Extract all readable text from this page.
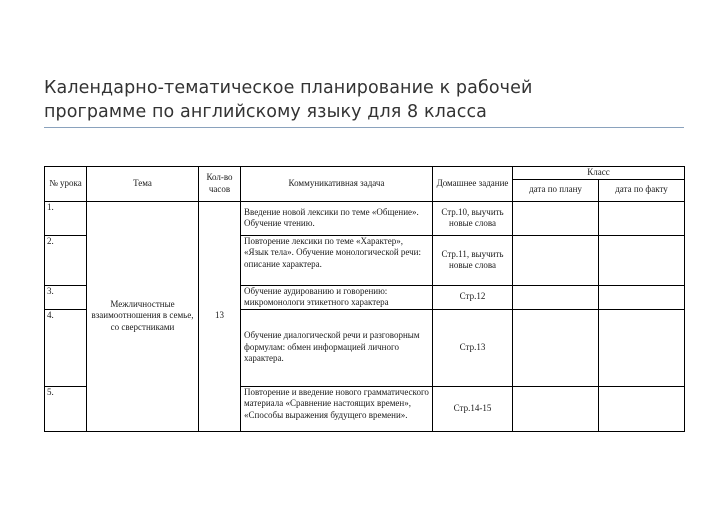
Календарно-тематическое планирование к рабочей
программе по английскому языку для 8 класса
№ урока	Тема	Кол-во часов	Коммуникативная задача	Домашнее задание	Класс	
					дата по плану	дата по факту
1.	Межличностные взаимоотношения в семье, со сверстниками	13	Введение новой лексики по теме «Общение». Обучение чтению.	Стр.10, выучить новые слова		
2.			Повторение лексики по теме «Характер», «Язык тела». Обучение монологической речи: описание характера.	Стр.11, выучить новые слова		
3.			Обучение аудированию и говорению: микромонологи этикетного характера	Стр.12		
4.			Обучение диалогической речи и разговорным формулам: обмен информацией личного характера.	Стр.13		
5.			Повторение и введение нового грамматического материала «Сравнение настоящих времен», «Способы выражения будущего времени».	Стр.14-15		
